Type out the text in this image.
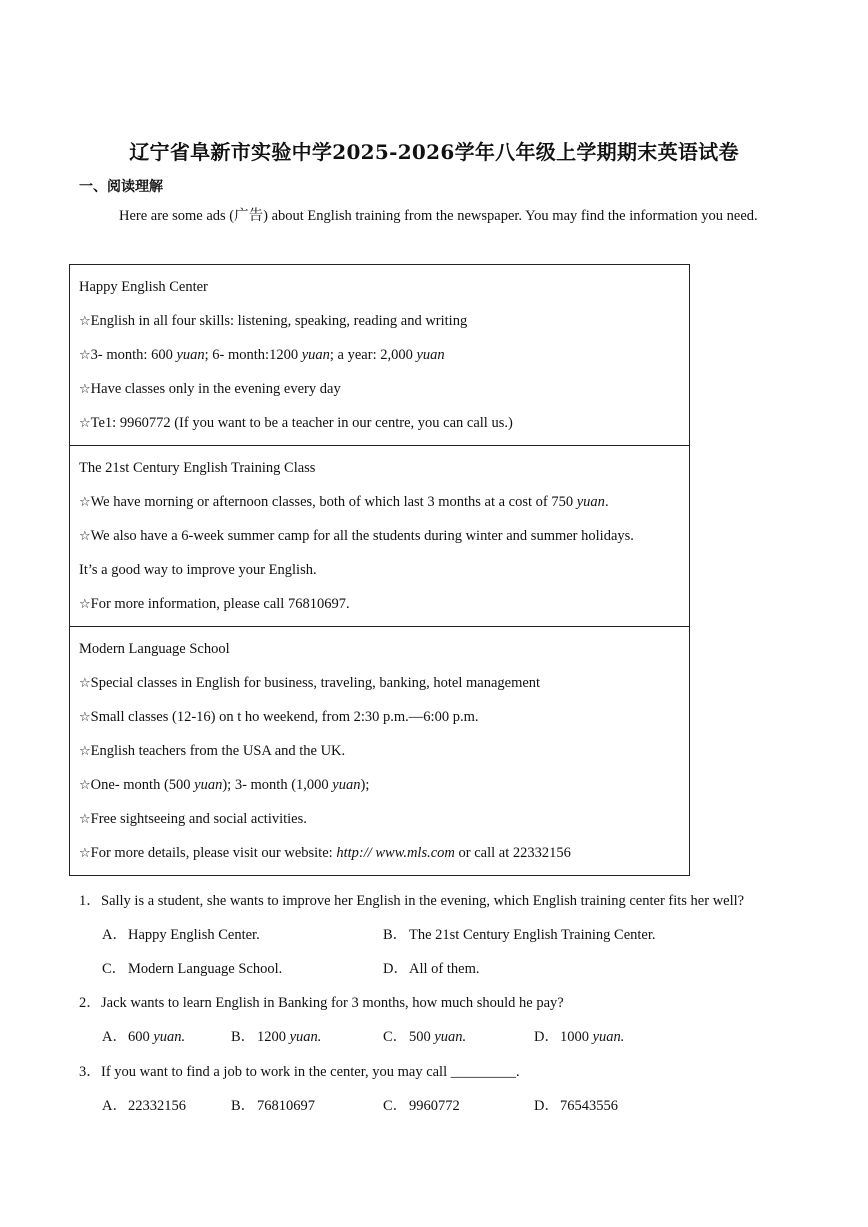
辽宁省阜新市实验中学2025-2026学年八年级上学期期末英语试卷
一、阅读理解
Here are some ads (广告) about English training from the newspaper. You may find the information you need.
Happy English Center
☆English in all four skills: listening, speaking, reading and writing
☆3- month: 600 yuan; 6- month:1200 yuan; a year: 2,000 yuan
☆Have classes only in the evening every day
☆Te1: 9960772 (If you want to be a teacher in our centre, you can call us.)
The 21st Century English Training Class
☆We have morning or afternoon classes, both of which last 3 months at a cost of 750 yuan.
☆We also have a 6-week summer camp for all the students during winter and summer holidays.
It’s a good way to improve your English.
☆For more information, please call 76810697.
Modern Language School
☆Special classes in English for business, traveling, banking, hotel management
☆Small classes (12-16) on t ho weekend, from 2:30 p.m.—6:00 p.m.
☆English teachers from the USA and the UK.
☆One- month (500 yuan); 3- month (1,000 yuan);
☆Free sightseeing and social activities.
☆For more details, please visit our website: http:// www.mls.com or call at 22332156
1．Sally is a student, she wants to improve her English in the evening, which English training center fits her well?
A．Happy English Center.	B． The 21st Century English Training Center.
C． Modern Language School.	D．All of them.
2．Jack wants to learn English in Banking for 3 months, how much should he pay?
A．600 yuan.	B． 1200 yuan.	C． 500 yuan.	D．1000 yuan.
3．If you want to find a job to work in the center, you may call _________.
A．22332156	B． 76810697	C． 9960772	D．76543556
